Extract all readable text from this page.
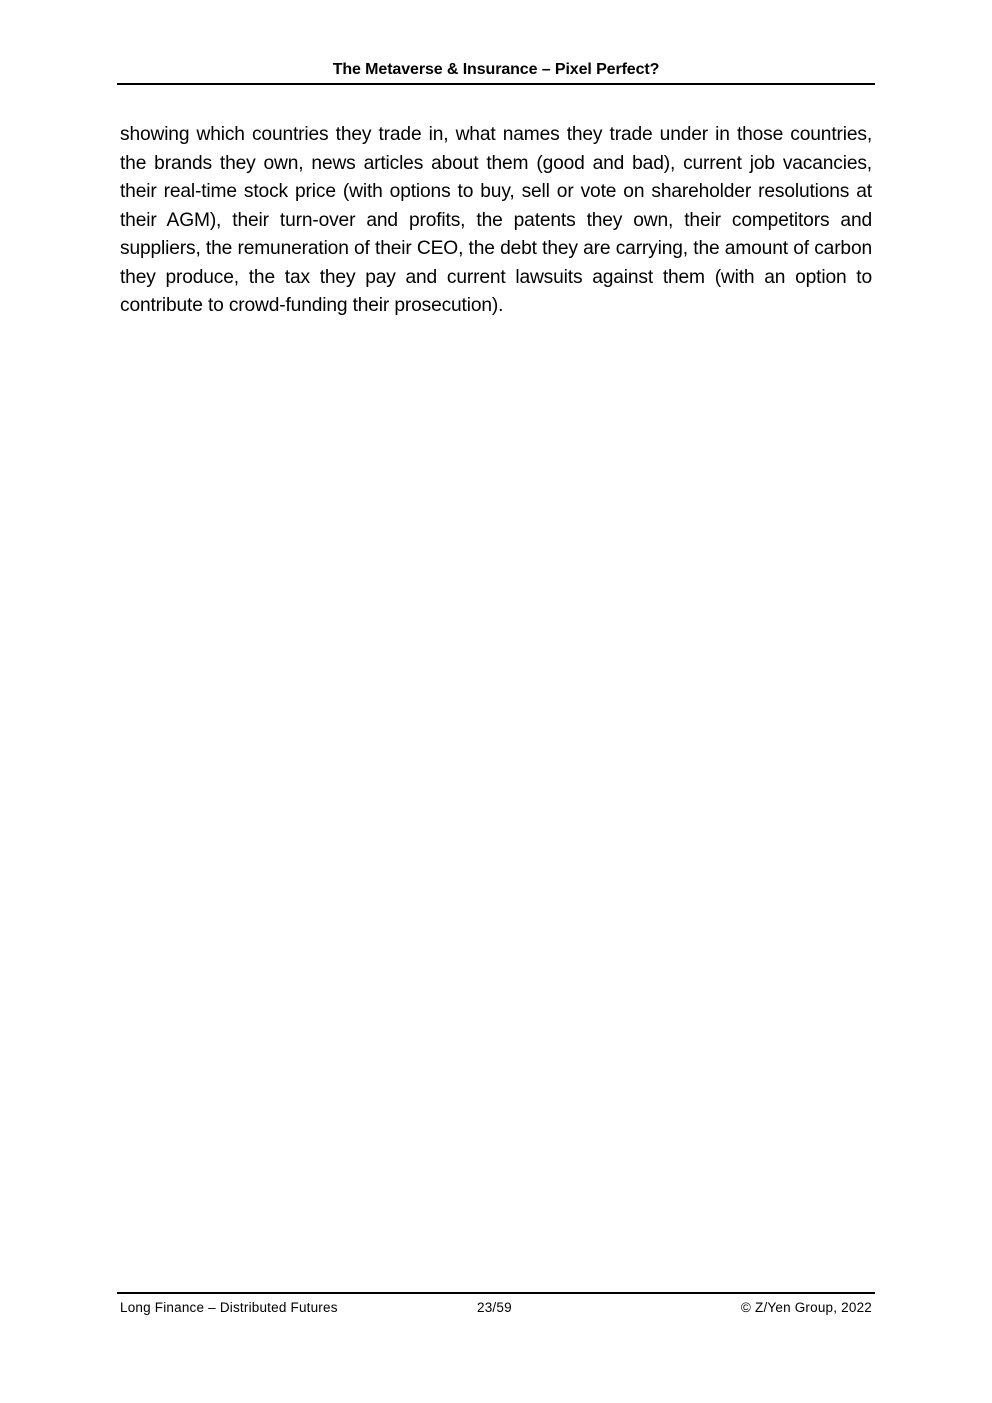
The Metaverse & Insurance – Pixel Perfect?

showing which countries they trade in, what names they trade under in those countries, the brands they own, news articles about them (good and bad), current job vacancies, their real-time stock price (with options to buy, sell or vote on shareholder resolutions at their AGM), their turn-over and profits, the patents they own, their competitors and suppliers, the remuneration of their CEO, the debt they are carrying, the amount of carbon they produce, the tax they pay and current lawsuits against them (with an option to contribute to crowd-funding their prosecution).

Long Finance – Distributed Futures	23/59	© Z/Yen Group, 2022
